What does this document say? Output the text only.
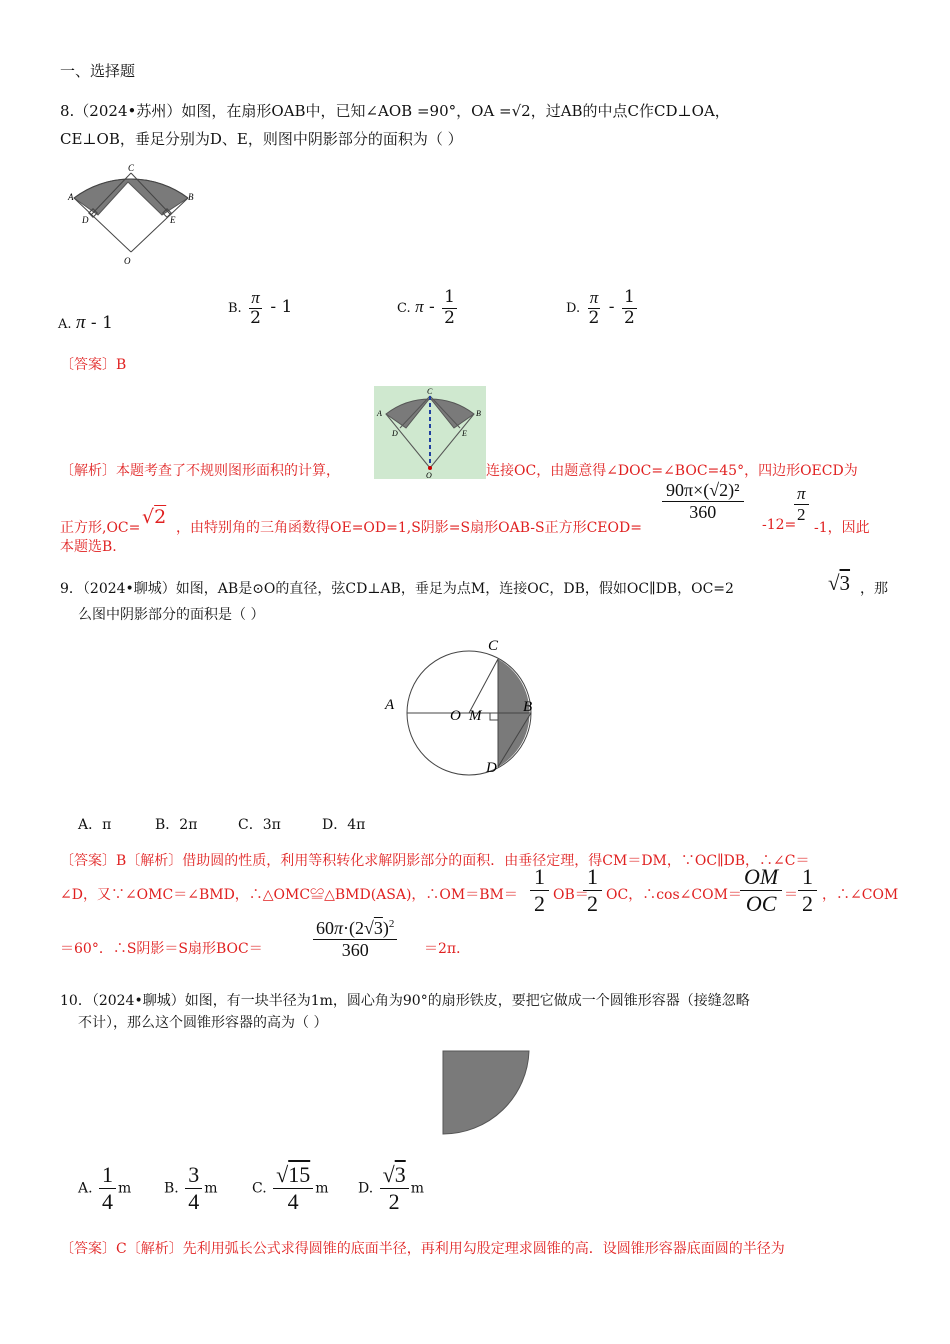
一、选择题
8.（2024•苏州）如图，在扇形OAB中，已知∠AOB =90°，OA =√2，过AB的中点C作CD⊥OA，
CE⊥OB，垂足分别为D、E，则图中阴影部分的面积为（ ）
A	B
C
D	E
O
A. π - 1
B. $\frac{\pi}{2} - 1$	C. π - $\frac{1}{2}$	D. $\frac{\pi}{2} - \frac{1}{2}$
〔答案〕B
A	B
C
D	E
O
〔解析〕本题考查了不规则图形面积的计算，	连接OC，由题意得∠DOC=∠BOC=45°，四边形OECD为
正方形,OC= √2 ，由特别角的三角函数得OE=OD=1,S阴影=S扇形OAB-S正方形CEOD=
90π×(√2)²
360
-12=
π
2
-1，因此
本题选B.
9．（2024•聊城）如图，AB是⊙O的直径，弦CD⊥AB，垂足为点M，连接OC，DB，假如OC∥DB，OC=2	√3 ，那
么图中阴影部分的面积是（ ）
C
A
O M
B
D
A．π	B．2π	C．3π	D．4π
〔答案〕B〔解析〕借助圆的性质，利用等积转化求解阴影部分的面积．由垂径定理，得CM＝DM，∵OC∥DB，∴∠C＝
∠D，又∵∠OMC＝∠BMD，∴△OMC≌△BMD(ASA)，∴OM＝BM＝
1
2 OB＝
1
2 OC，∴cos∠COM＝
OM
OC ＝
1
2 ，∴∠COM
＝60°．∴S阴影＝S扇形BOC＝
$60\pi\cdot(2√3)^2$
360	＝2π．
10．（2024•聊城）如图，有一块半径为1m，圆心角为90°的扇形铁皮，要把它做成一个圆锥形容器（接缝忽略
不计），那么这个圆锥形容器的高为（ ）
A. $\frac{1}{4}$ m B. $\frac{3}{4}$ m C. $\frac{√15}{4}$ m D. $\frac{√3}{2}$ m
〔答案〕C〔解析〕先利用弧长公式求得圆锥的底面半径，再利用勾股定理求圆锥的高．设圆锥形容器底面圆的半径为
